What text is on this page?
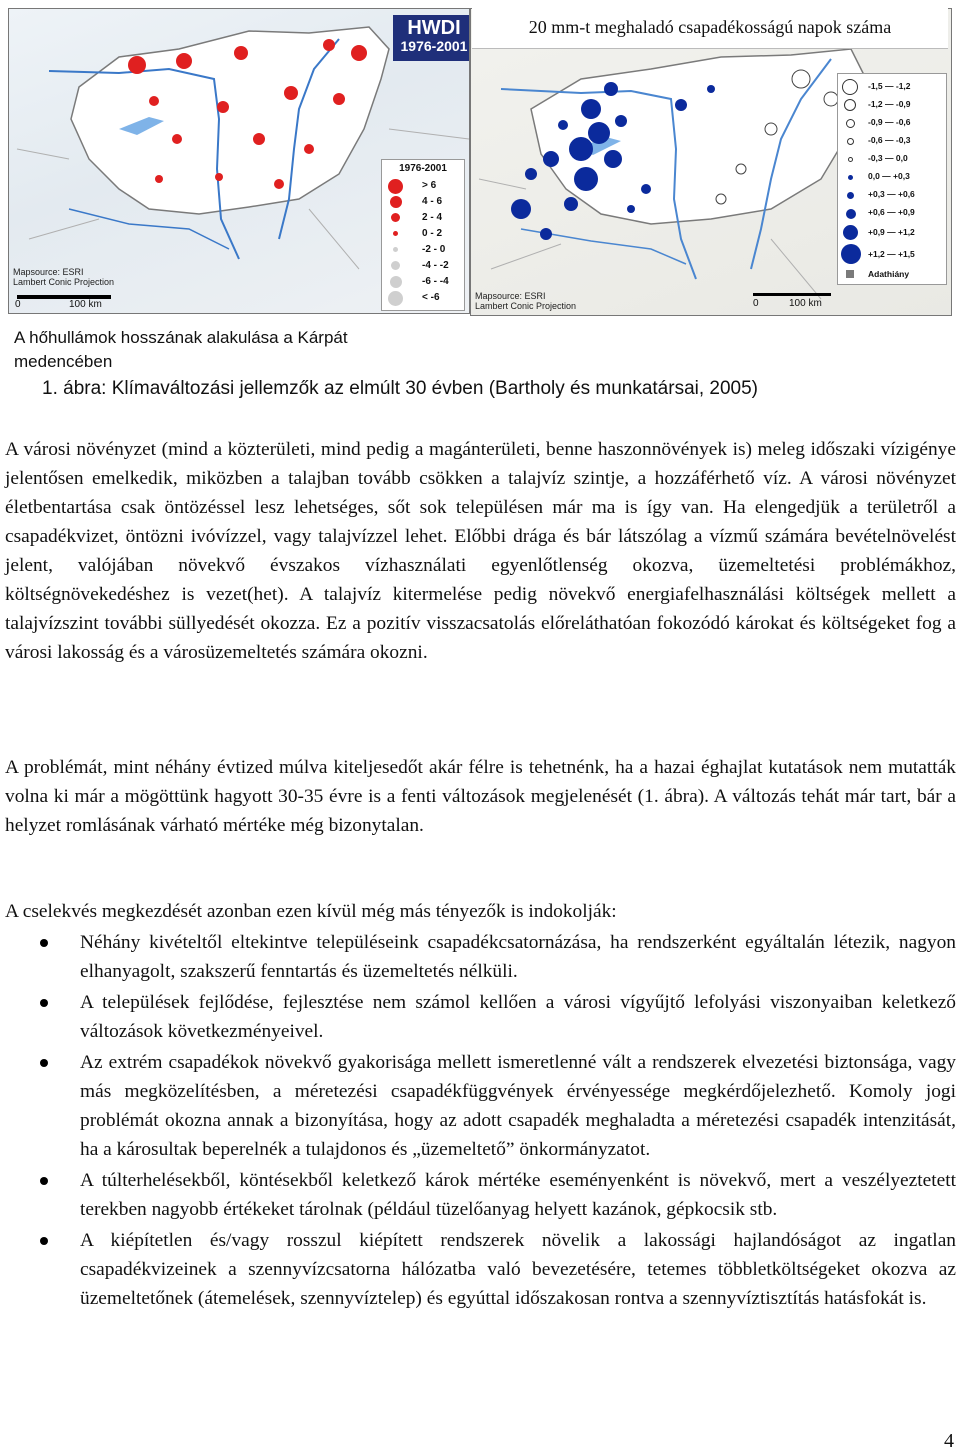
HWDI
1976-2001
1976-2001
> 6
4 - 6
2 - 4
0 - 2
-2 - 0
-4 - -2
-6 - -4
< -6
Mapsource: ESRI
Lambert Conic Projection
0	100 km
-1,5 — -1,2
-1,2 — -0,9
-0,9 — -0,6
-0,6 — -0,3
-0,3 — 0,0
0,0 — +0,3
+0,3 — +0,6
+0,6 — +0,9
+0,9 — +1,2
+1,2 — +1,5
Adathiány
Mapsource: ESRI
Lambert Conic Projection	0	100 km
20 mm-t meghaladó csapadékosságú napok száma
A hőhullámok hosszának alakulása a Kárpát medencében
1. ábra: Klímaváltozási jellemzők az elmúlt 30 évben (Bartholy és munkatársai, 2005)

A városi növényzet (mind a közterületi, mind pedig a magánterületi, benne haszonnövények is) meleg időszaki vízigénye jelentősen emelkedik, miközben a talajban tovább csökken a talajvíz szintje, a hozzáférhető víz. A városi növényzet életbentartása csak öntözéssel lesz lehetséges, sőt sok településen már ma is így van. Ha elengedjük a területről a csapadékvizet, öntözni ivóvízzel, vagy talajvízzel lehet. Előbbi drága és bár látszólag a vízmű számára bevételnövelést jelent, valójában növekvő évszakos vízhasználati egyenlőtlenség okozva, üzemeltetési problémákhoz, költségnövekedéshez is vezet(het). A talajvíz kitermelése pedig növekvő energiafelhasználási költségek mellett a talajvízszint további süllyedését okozza. Ez a pozitív visszacsatolás előreláthatóan fokozódó károkat és költségeket fog a városi lakosság és a városüzemeltetés számára okozni.

A problémát, mint néhány évtized múlva kiteljesedőt akár félre is tehetnénk, ha a hazai éghajlat kutatások nem mutatták volna ki már a mögöttünk hagyott 30-35 évre is a fenti változások megjelenését (1. ábra). A változás tehát már tart, bár a helyzet romlásának várható mértéke még bizonytalan.

A cselekvés megkezdését azonban ezen kívül még más tényezők is indokolják:

Néhány kivételtől eltekintve településeink csapadékcsatornázása, ha rendszerként egyáltalán létezik, nagyon elhanyagolt, szakszerű fenntartás és üzemeltetés nélküli.
A települések fejlődése, fejlesztése nem számol kellően a városi vígyűjtő lefolyási viszonyaiban keletkező változások következményeivel.
Az extrém csapadékok növekvő gyakorisága mellett ismeretlenné vált a rendszerek elvezetési biztonsága, vagy más megközelítésben, a méretezési csapadékfüggvények érvényessége megkérdőjelezhető. Komoly jogi problémát okozna annak a bizonyítása, hogy az adott csapadék meghaladta a méretezési csapadék intenzitását, ha a károsultak beperelnék a tulajdonos és „üzemeltető” önkormányzatot.
A túlterhelésekből, köntésekből keletkező károk mértéke eseményenként is növekvő, mert a veszélyeztetett terekben nagyobb értékeket tárolnak (például tüzelőanyag helyett kazánok, gépkocsik stb.
A kiépítetlen és/vagy rosszul kiépített rendszerek növelik a lakossági hajlandóságot az ingatlan csapadékvizeinek a szennyvízcsatorna hálózatba való bevezetésére, tetemes többletköltségeket okozva az üzemeltetőnek (átemelések, szennyvíztelep) és egyúttal időszakosan rontva a szennyvíztisztítás hatásfokát is.
4
